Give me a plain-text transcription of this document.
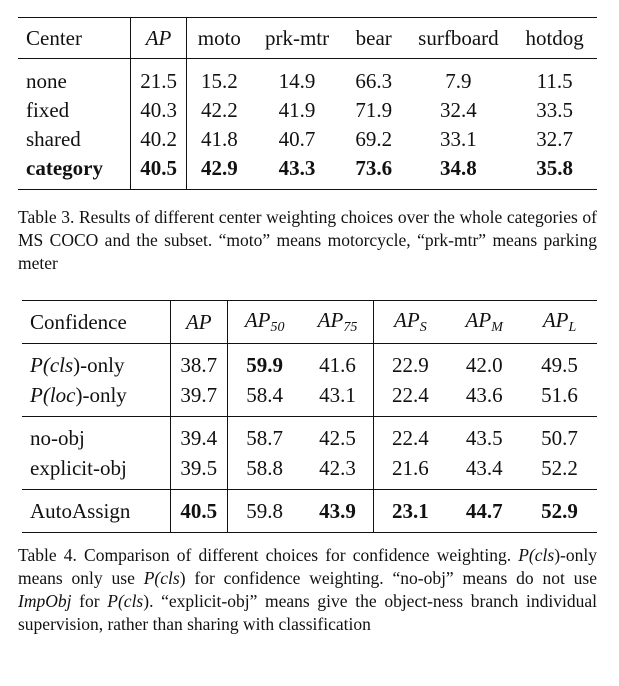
Center	AP	moto	prk-mtr	bear	surfboard	hotdog
none	21.5	15.2	14.9	66.3	7.9	11.5
fixed	40.3	42.2	41.9	71.9	32.4	33.5
shared	40.2	41.8	40.7	69.2	33.1	32.7
category	40.5	42.9	43.3	73.6	34.8	35.8
Table 3. Results of different center weighting choices over the whole categories of MS COCO and the subset. “moto” means motorcycle, “prk-mtr” means parking meter
Confidence	AP	$AP_{50}$	$AP_{75}$	$AP_S$	$AP_M$	$AP_L$
P(cls)-only	38.7	59.9	41.6	22.9	42.0	49.5
P(loc)-only	39.7	58.4	43.1	22.4	43.6	51.6
no-obj	39.4	58.7	42.5	22.4	43.5	50.7
explicit-obj	39.5	58.8	42.3	21.6	43.4	52.2
AutoAssign	40.5	59.8	43.9	23.1	44.7	52.9
Table 4. Comparison of different choices for confidence weighting. P(cls)-only means only use P(cls) for confidence weighting. “no-obj” means do not use ImpObj for P(cls). “explicit-obj” means give the object-ness branch individual supervision, rather than sharing with classification
